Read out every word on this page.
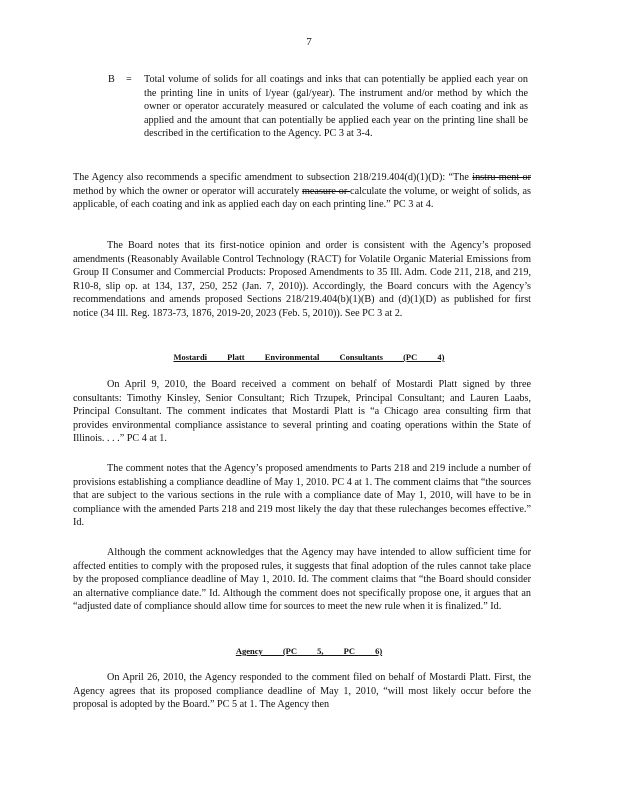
7
B = Total volume of solids for all coatings and inks that can potentially be applied each year on the printing line in units of l/year (gal/year). The instrument and/or method by which the owner or operator accurately measured or calculated the volume of each coating and ink as applied and the amount that can potentially be applied each year on the printing line shall be described in the certification to the Agency. PC 3 at 3-4.

The Agency also recommends a specific amendment to subsection 218/219.404(d)(1)(D): “The instru ment or method by which the owner or operator will accurately measure or calculate the volume, or weight of solids, as applicable, of each coating and ink as applied each day on each printing line.” PC 3 at 4.

The Board notes that its first-notice opinion and order is consistent with the Agency’s proposed amendments (Reasonably Available Control Technology (RACT) for Volatile Organic Material Emissions from Group II Consumer and Commercial Products: Proposed Amendments to 35 Ill. Adm. Code 211, 218, and 219, R10-8, slip op. at 134, 137, 250, 252 (Jan. 7, 2010)). Accordingly, the Board concurs with the Agency’s recommendations and amends proposed Sections 218/219.404(b)(1)(B) and (d)(1)(D) as published for first notice (34 Ill. Reg. 1873-73, 1876, 2019-20, 2023 (Feb. 5, 2010)). See PC 3 at 2.

Mostardi Platt Environmental Consultants (PC 4)

On April 9, 2010, the Board received a comment on behalf of Mostardi Platt signed by three consultants: Timothy Kinsley, Senior Consultant; Rich Trzupek, Principal Consultant; and Lauren Laabs, Principal Consultant. The comment indicates that Mostardi Platt is “a Chicago area consulting firm that provides environmental compliance assistance to several printing and coating operations within the State of Illinois. . . .” PC 4 at 1.

The comment notes that the Agency’s proposed amendments to Parts 218 and 219 include a number of provisions establishing a compliance deadline of May 1, 2010. PC 4 at 1. The comment claims that “the sources that are subject to the various sections in the rule with a compliance date of May 1, 2010, will have to be in compliance with the amended Parts 218 and 219 most likely the day that these rulechanges becomes effective.” Id.

Although the comment acknowledges that the Agency may have intended to allow sufficient time for affected entities to comply with the proposed rules, it suggests that final adoption of the rules cannot take place by the proposed compliance deadline of May 1, 2010. Id. The comment claims that “the Board should consider an alternative compliance date.” Id. Although the comment does not specifically propose one, it argues that an “adjusted date of compliance should allow time for sources to meet the new rule when it is finalized.” Id.

Agency (PC 5, PC 6)

On April 26, 2010, the Agency responded to the comment filed on behalf of Mostardi Platt. First, the Agency agrees that its proposed compliance deadline of May 1, 2010, “will most likely occur before the proposal is adopted by the Board.” PC 5 at 1. The Agency then
